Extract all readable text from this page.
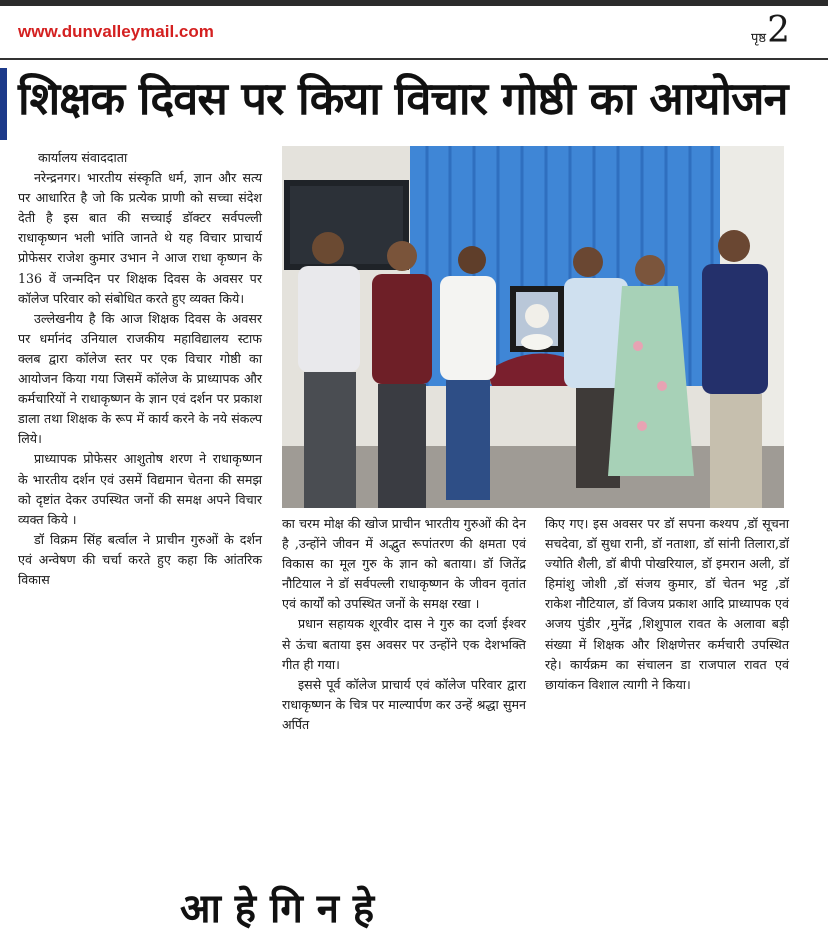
www.dunvalleymail.com	पृष्ठ 2
शिक्षक दिवस पर किया विचार गोष्ठी का आयोजन
कार्यालय संवाददाता

नरेन्द्रनगर। भारतीय संस्कृति धर्म, ज्ञान और सत्य पर आधारित है जो कि प्रत्येक प्राणी को सच्चा संदेश देती है इस बात की सच्चाई डॉक्टर सर्वपल्ली राधाकृष्णन भली भांति जानते थे यह विचार प्राचार्य प्रोफेसर राजेश कुमार उभान ने आज राधा कृष्णन के 136 वें जन्मदिन पर शिक्षक दिवस के अवसर पर कॉलेज परिवार को संबोधित करते हुए व्यक्त किये।

उल्लेखनीय है कि आज शिक्षक दिवस के अवसर पर धर्मानंद उनियाल राजकीय महाविद्यालय स्टाफ क्लब द्वारा कॉलेज स्तर पर एक विचार गोष्ठी का आयोजन किया गया जिसमें कॉलेज के प्राध्यापक और कर्मचारियों ने राधाकृष्णन के ज्ञान एवं दर्शन पर प्रकाश डाला तथा शिक्षक के रूप में कार्य करने के नये संकल्प लिये।

प्राध्यापक प्रोफेसर आशुतोष शरण ने राधाकृष्णन के भारतीय दर्शन एवं उसमें विद्यमान चेतना की समझ को दृष्टांत देकर उपस्थित जनों की समक्ष अपने विचार व्यक्त किये ।

डॉ विक्रम सिंह बर्त्वाल ने प्राचीन गुरुओं के दर्शन एवं अन्वेषण की चर्चा करते हुए कहा कि आंतरिक विकास

का चरम मोक्ष की खोज प्राचीन भारतीय गुरुओं की देन है ,उन्होंने जीवन में अद्भुत रूपांतरण की क्षमता एवं विकास का मूल गुरु के ज्ञान को बताया। डॉ जितेंद्र नौटियाल ने डॉ सर्वपल्ली राधाकृष्णन के जीवन वृतांत एवं कार्यों को उपस्थित जनों के समक्ष रखा ।

प्रधान सहायक शूरवीर दास ने गुरु का दर्जा ईश्वर से ऊंचा बताया इस अवसर पर उन्होंने एक देशभक्ति गीत ही गया।

इससे पूर्व कॉलेज प्राचार्य एवं कॉलेज परिवार द्वारा राधाकृष्णन के चित्र पर माल्यार्पण कर उन्हें श्रद्धा सुमन अर्पित

किए गए। इस अवसर पर डॉ सपना कश्यप ,डॉ सूचना सचदेवा, डॉ सुधा रानी, डॉ नताशा, डॉ सांनी तिलारा,डॉ ज्योति शैली, डॉ बीपी पोखरियाल, डॉ इमरान अली, डॉ हिमांशु जोशी ,डॉ संजय कुमार, डॉ चेतन भट्ट ,डॉ राकेश नौटियाल, डॉ विजय प्रकाश आदि प्राध्यापक एवं अजय पुंडीर ,मुनेंद्र ,शिशुपाल रावत के अलावा बड़ी संख्या में शिक्षक और शिक्षणेत्तर कर्मचारी उपस्थित रहे। कार्यक्रम का संचालन डा राजपाल रावत एवं छायांकन विशाल त्यागी ने किया।

आ हे गि न हे
